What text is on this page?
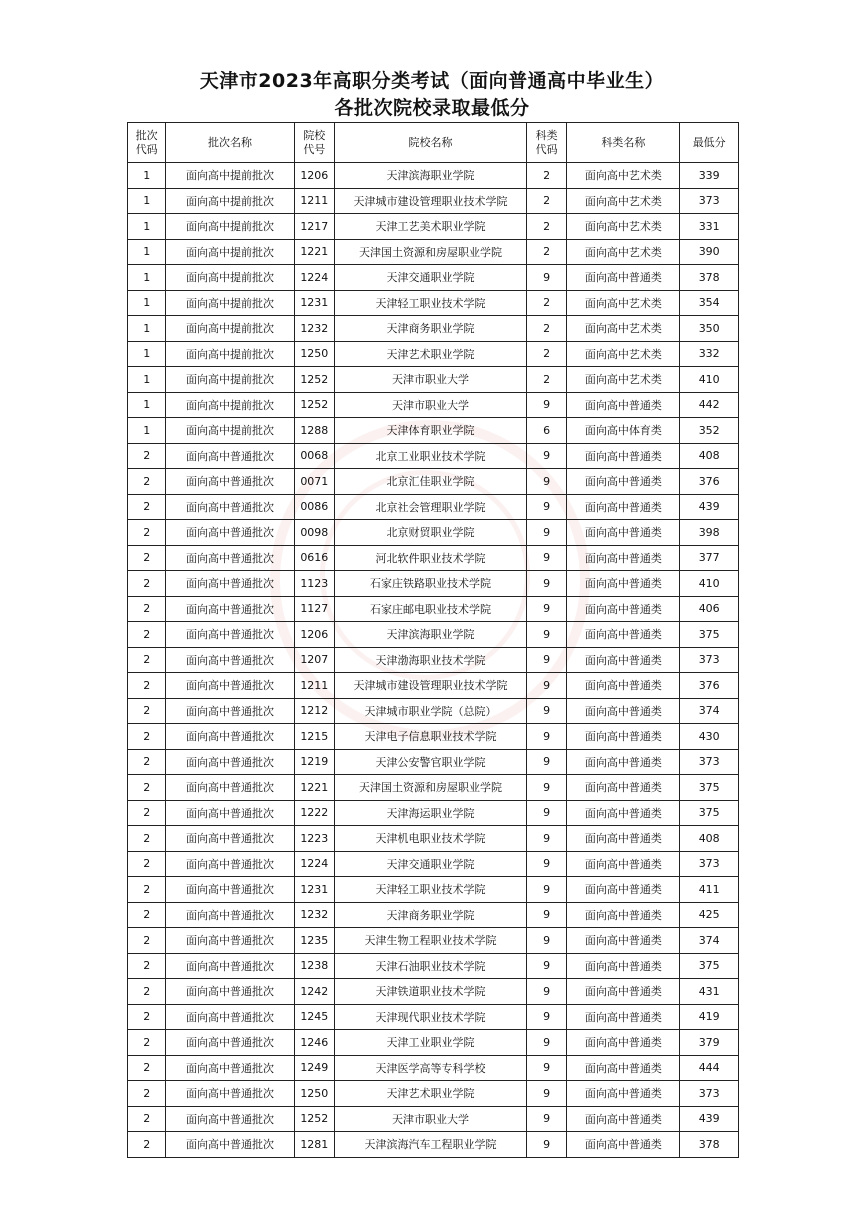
天津市2023年高职分类考试（面向普通高中毕业生）
各批次院校录取最低分
批次代码	批次名称	院校代号	院校名称	科类代码	科类名称	最低分
1	面向高中提前批次	1206	天津滨海职业学院	2	面向高中艺术类	339
1	面向高中提前批次	1211	天津城市建设管理职业技术学院	2	面向高中艺术类	373
1	面向高中提前批次	1217	天津工艺美术职业学院	2	面向高中艺术类	331
1	面向高中提前批次	1221	天津国土资源和房屋职业学院	2	面向高中艺术类	390
1	面向高中提前批次	1224	天津交通职业学院	9	面向高中普通类	378
1	面向高中提前批次	1231	天津轻工职业技术学院	2	面向高中艺术类	354
1	面向高中提前批次	1232	天津商务职业学院	2	面向高中艺术类	350
1	面向高中提前批次	1250	天津艺术职业学院	2	面向高中艺术类	332
1	面向高中提前批次	1252	天津市职业大学	2	面向高中艺术类	410
1	面向高中提前批次	1252	天津市职业大学	9	面向高中普通类	442
1	面向高中提前批次	1288	天津体育职业学院	6	面向高中体育类	352
2	面向高中普通批次	0068	北京工业职业技术学院	9	面向高中普通类	408
2	面向高中普通批次	0071	北京汇佳职业学院	9	面向高中普通类	376
2	面向高中普通批次	0086	北京社会管理职业学院	9	面向高中普通类	439
2	面向高中普通批次	0098	北京财贸职业学院	9	面向高中普通类	398
2	面向高中普通批次	0616	河北软件职业技术学院	9	面向高中普通类	377
2	面向高中普通批次	1123	石家庄铁路职业技术学院	9	面向高中普通类	410
2	面向高中普通批次	1127	石家庄邮电职业技术学院	9	面向高中普通类	406
2	面向高中普通批次	1206	天津滨海职业学院	9	面向高中普通类	375
2	面向高中普通批次	1207	天津渤海职业技术学院	9	面向高中普通类	373
2	面向高中普通批次	1211	天津城市建设管理职业技术学院	9	面向高中普通类	376
2	面向高中普通批次	1212	天津城市职业学院（总院）	9	面向高中普通类	374
2	面向高中普通批次	1215	天津电子信息职业技术学院	9	面向高中普通类	430
2	面向高中普通批次	1219	天津公安警官职业学院	9	面向高中普通类	373
2	面向高中普通批次	1221	天津国土资源和房屋职业学院	9	面向高中普通类	375
2	面向高中普通批次	1222	天津海运职业学院	9	面向高中普通类	375
2	面向高中普通批次	1223	天津机电职业技术学院	9	面向高中普通类	408
2	面向高中普通批次	1224	天津交通职业学院	9	面向高中普通类	373
2	面向高中普通批次	1231	天津轻工职业技术学院	9	面向高中普通类	411
2	面向高中普通批次	1232	天津商务职业学院	9	面向高中普通类	425
2	面向高中普通批次	1235	天津生物工程职业技术学院	9	面向高中普通类	374
2	面向高中普通批次	1238	天津石油职业技术学院	9	面向高中普通类	375
2	面向高中普通批次	1242	天津铁道职业技术学院	9	面向高中普通类	431
2	面向高中普通批次	1245	天津现代职业技术学院	9	面向高中普通类	419
2	面向高中普通批次	1246	天津工业职业学院	9	面向高中普通类	379
2	面向高中普通批次	1249	天津医学高等专科学校	9	面向高中普通类	444
2	面向高中普通批次	1250	天津艺术职业学院	9	面向高中普通类	373
2	面向高中普通批次	1252	天津市职业大学	9	面向高中普通类	439
2	面向高中普通批次	1281	天津滨海汽车工程职业学院	9	面向高中普通类	378
